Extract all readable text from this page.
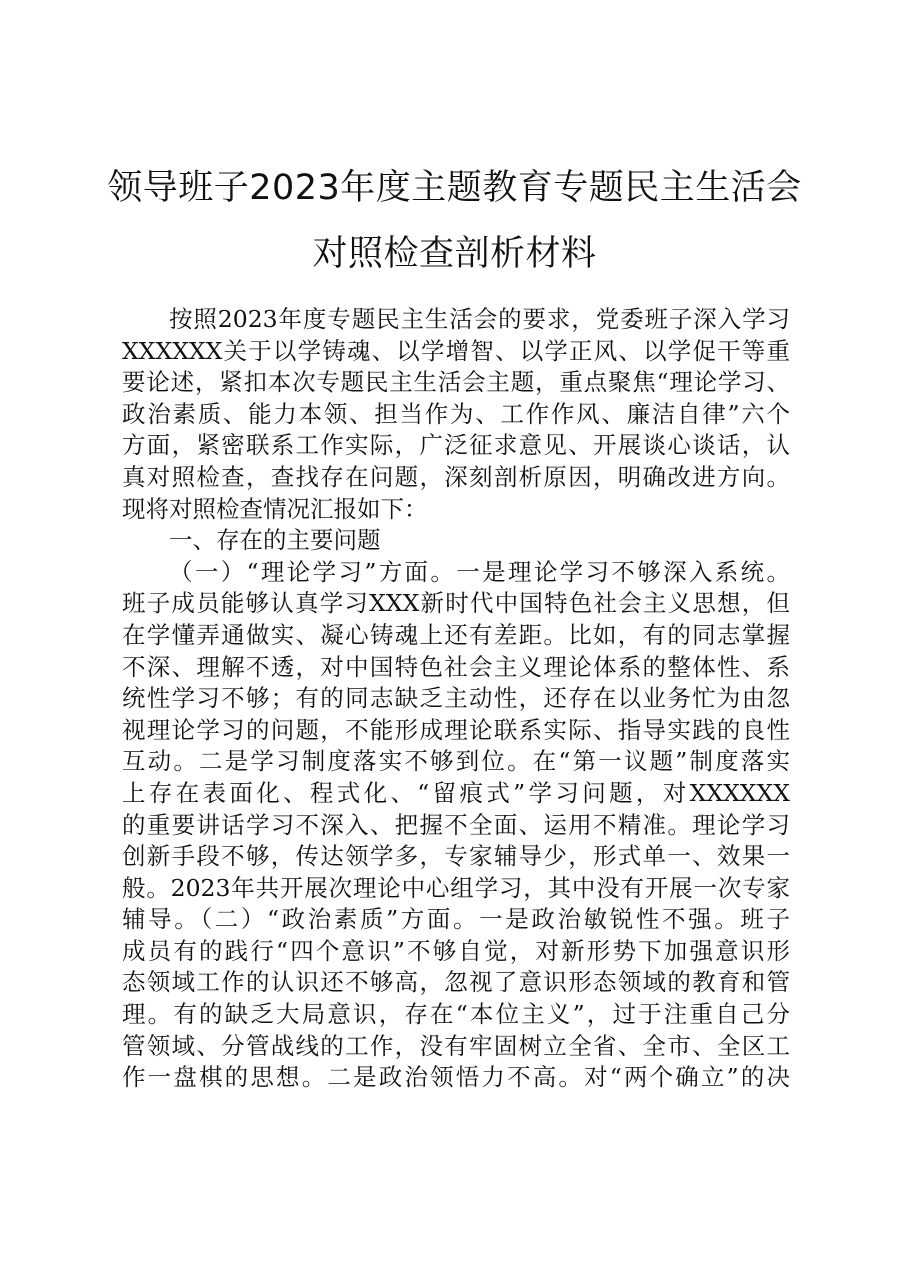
领导班子2023年度主题教育专题民主生活会
对照检查剖析材料
按照2023年度专题民主生活会的要求，党委班子深入学习
XXXXXX关于以学铸魂、以学增智、以学正风、以学促干等重
要论述，紧扣本次专题民主生活会主题，重点聚焦“理论学习、
政治素质、能力本领、担当作为、工作作风、廉洁自律”六个
方面，紧密联系工作实际，广泛征求意见、开展谈心谈话，认
真对照检查，查找存在问题，深刻剖析原因，明确改进方向。
现将对照检查情况汇报如下：
一、存在的主要问题
（一）“理论学习”方面。一是理论学习不够深入系统。
班子成员能够认真学习XXX新时代中国特色社会主义思想，但
在学懂弄通做实、凝心铸魂上还有差距。比如，有的同志掌握
不深、理解不透，对中国特色社会主义理论体系的整体性、系
统性学习不够；有的同志缺乏主动性，还存在以业务忙为由忽
视理论学习的问题，不能形成理论联系实际、指导实践的良性
互动。二是学习制度落实不够到位。在“第一议题”制度落实
上存在表面化、程式化、“留痕式”学习问题，对XXXXXX
的重要讲话学习不深入、把握不全面、运用不精准。理论学习
创新手段不够，传达领学多，专家辅导少，形式单一、效果一
般。2023年共开展次理论中心组学习，其中没有开展一次专家
辅导。（二）“政治素质”方面。一是政治敏锐性不强。班子
成员有的践行“四个意识”不够自觉，对新形势下加强意识形
态领域工作的认识还不够高，忽视了意识形态领域的教育和管
理。有的缺乏大局意识，存在“本位主义”，过于注重自己分
管领域、分管战线的工作，没有牢固树立全省、全市、全区工
作一盘棋的思想。二是政治领悟力不高。对“两个确立”的决
